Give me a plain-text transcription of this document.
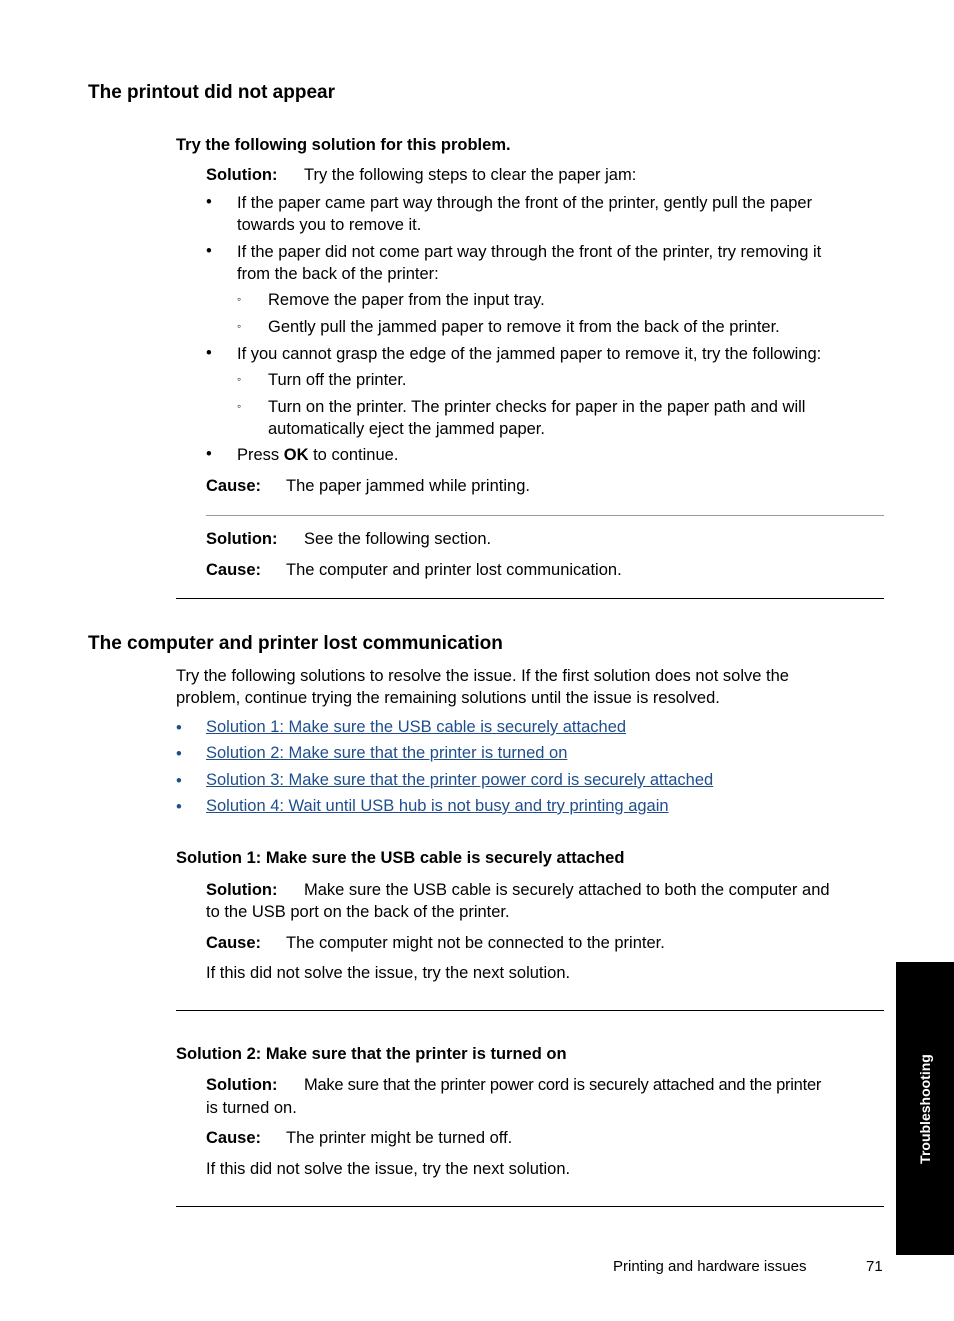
The printout did not appear
Try the following solution for this problem.
Solution: Try the following steps to clear the paper jam:
• If the paper came part way through the front of the printer, gently pull the paper
towards you to remove it.
• If the paper did not come part way through the front of the printer, try removing it
from the back of the printer:
◦ Remove the paper from the input tray.
◦ Gently pull the jammed paper to remove it from the back of the printer.
• If you cannot grasp the edge of the jammed paper to remove it, try the following:
◦ Turn off the printer.
◦ Turn on the printer. The printer checks for paper in the paper path and will
automatically eject the jammed paper.
• Press OK to continue.
Cause: The paper jammed while printing.
Solution: See the following section.
Cause: The computer and printer lost communication.
The computer and printer lost communication
Try the following solutions to resolve the issue. If the first solution does not solve the
problem, continue trying the remaining solutions until the issue is resolved.
• Solution 1: Make sure the USB cable is securely attached
• Solution 2: Make sure that the printer is turned on
• Solution 3: Make sure that the printer power cord is securely attached
• Solution 4: Wait until USB hub is not busy and try printing again
Solution 1: Make sure the USB cable is securely attached
Solution: Make sure the USB cable is securely attached to both the computer and
to the USB port on the back of the printer.
Cause: The computer might not be connected to the printer.
If this did not solve the issue, try the next solution.
Solution 2: Make sure that the printer is turned on
Solution: Make sure that the printer power cord is securely attached and the printer
is turned on.
Cause: The printer might be turned off.
If this did not solve the issue, try the next solution.
Troubleshooting
Printing and hardware issues	71
